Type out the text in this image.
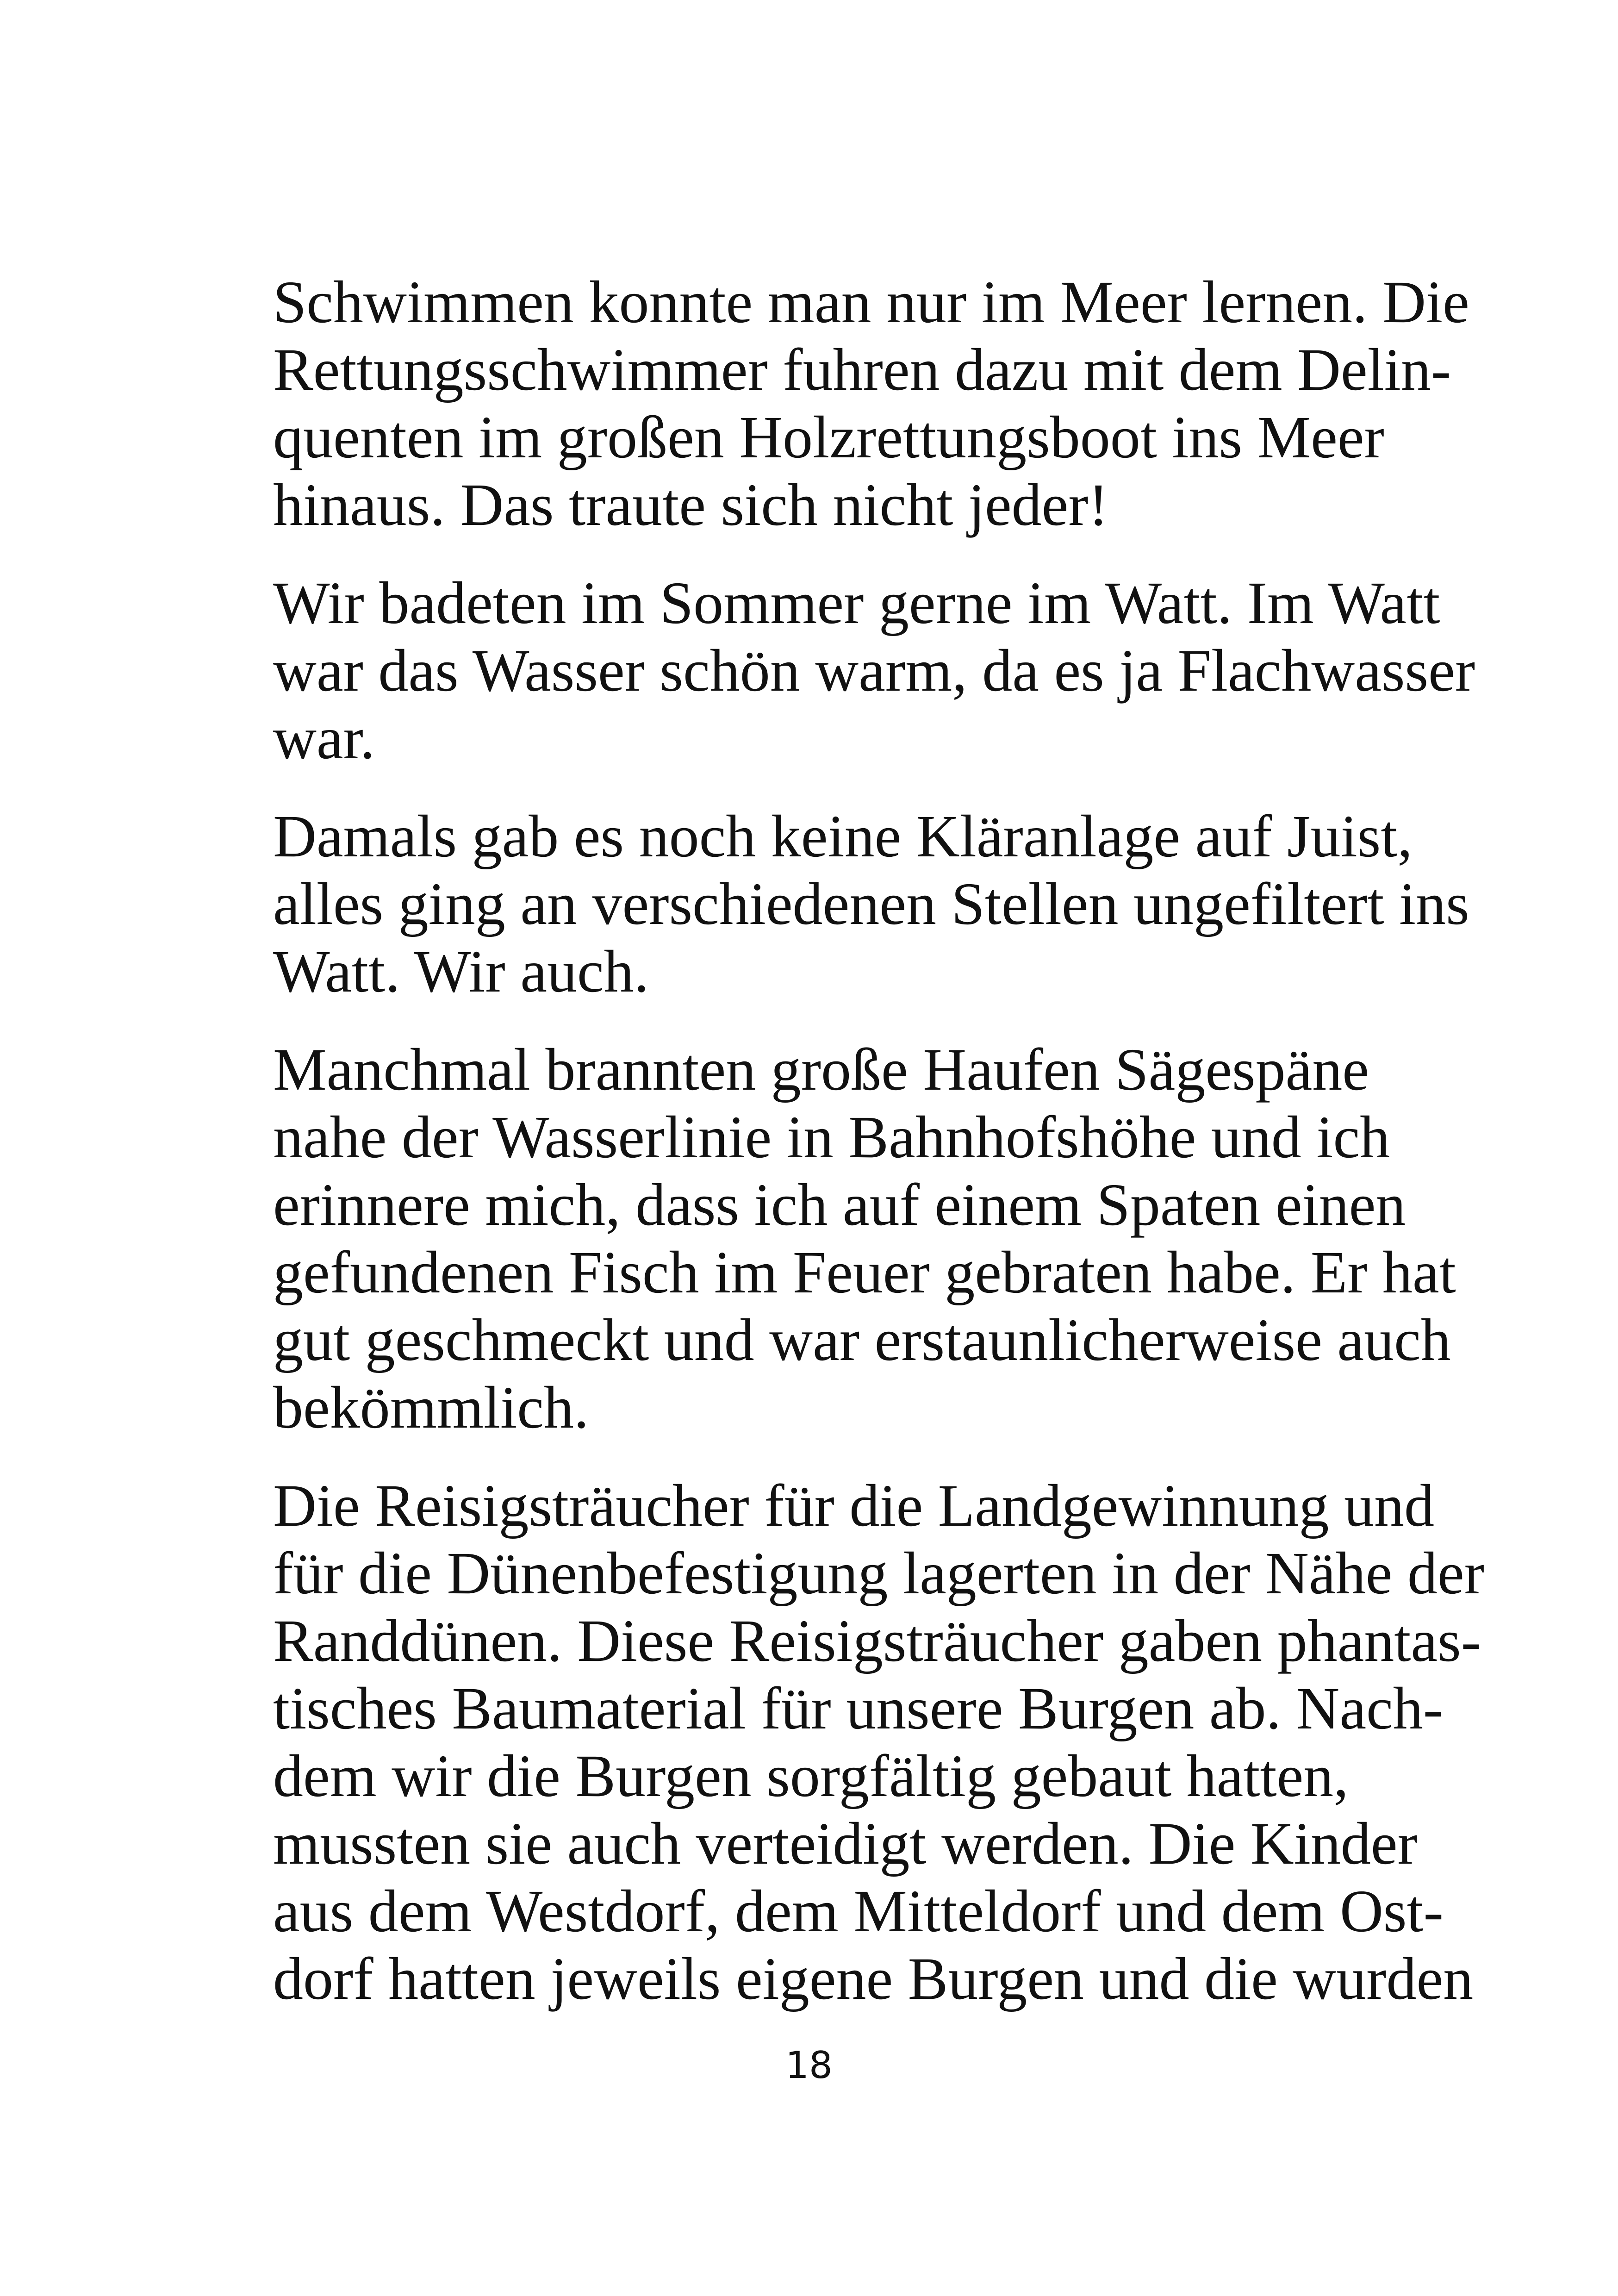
Schwimmen konnte man nur im Meer lernen. Die
Rettungsschwimmer fuhren dazu mit dem Delin-
quenten im großen Holzrettungsboot ins Meer
hinaus. Das traute sich nicht jeder!
Wir badeten im Sommer gerne im Watt. Im Watt
war das Wasser schön warm, da es ja Flachwasser
war.
Damals gab es noch keine Kläranlage auf Juist,
alles ging an verschiedenen Stellen ungefiltert ins
Watt. Wir auch.
Manchmal brannten große Haufen Sägespäne
nahe der Wasserlinie in Bahnhofshöhe und ich
erinnere mich, dass ich auf einem Spaten einen
gefundenen Fisch im Feuer gebraten habe. Er hat
gut geschmeckt und war erstaunlicherweise auch
bekömmlich.
Die Reisigsträucher für die Landgewinnung und
für die Dünenbefestigung lagerten in der Nähe der
Randdünen. Diese Reisigsträucher gaben phantas-
tisches Baumaterial für unsere Burgen ab. Nach-
dem wir die Burgen sorgfältig gebaut hatten,
mussten sie auch verteidigt werden. Die Kinder
aus dem Westdorf, dem Mitteldorf und dem Ost-
dorf hatten jeweils eigene Burgen und die wurden
18
